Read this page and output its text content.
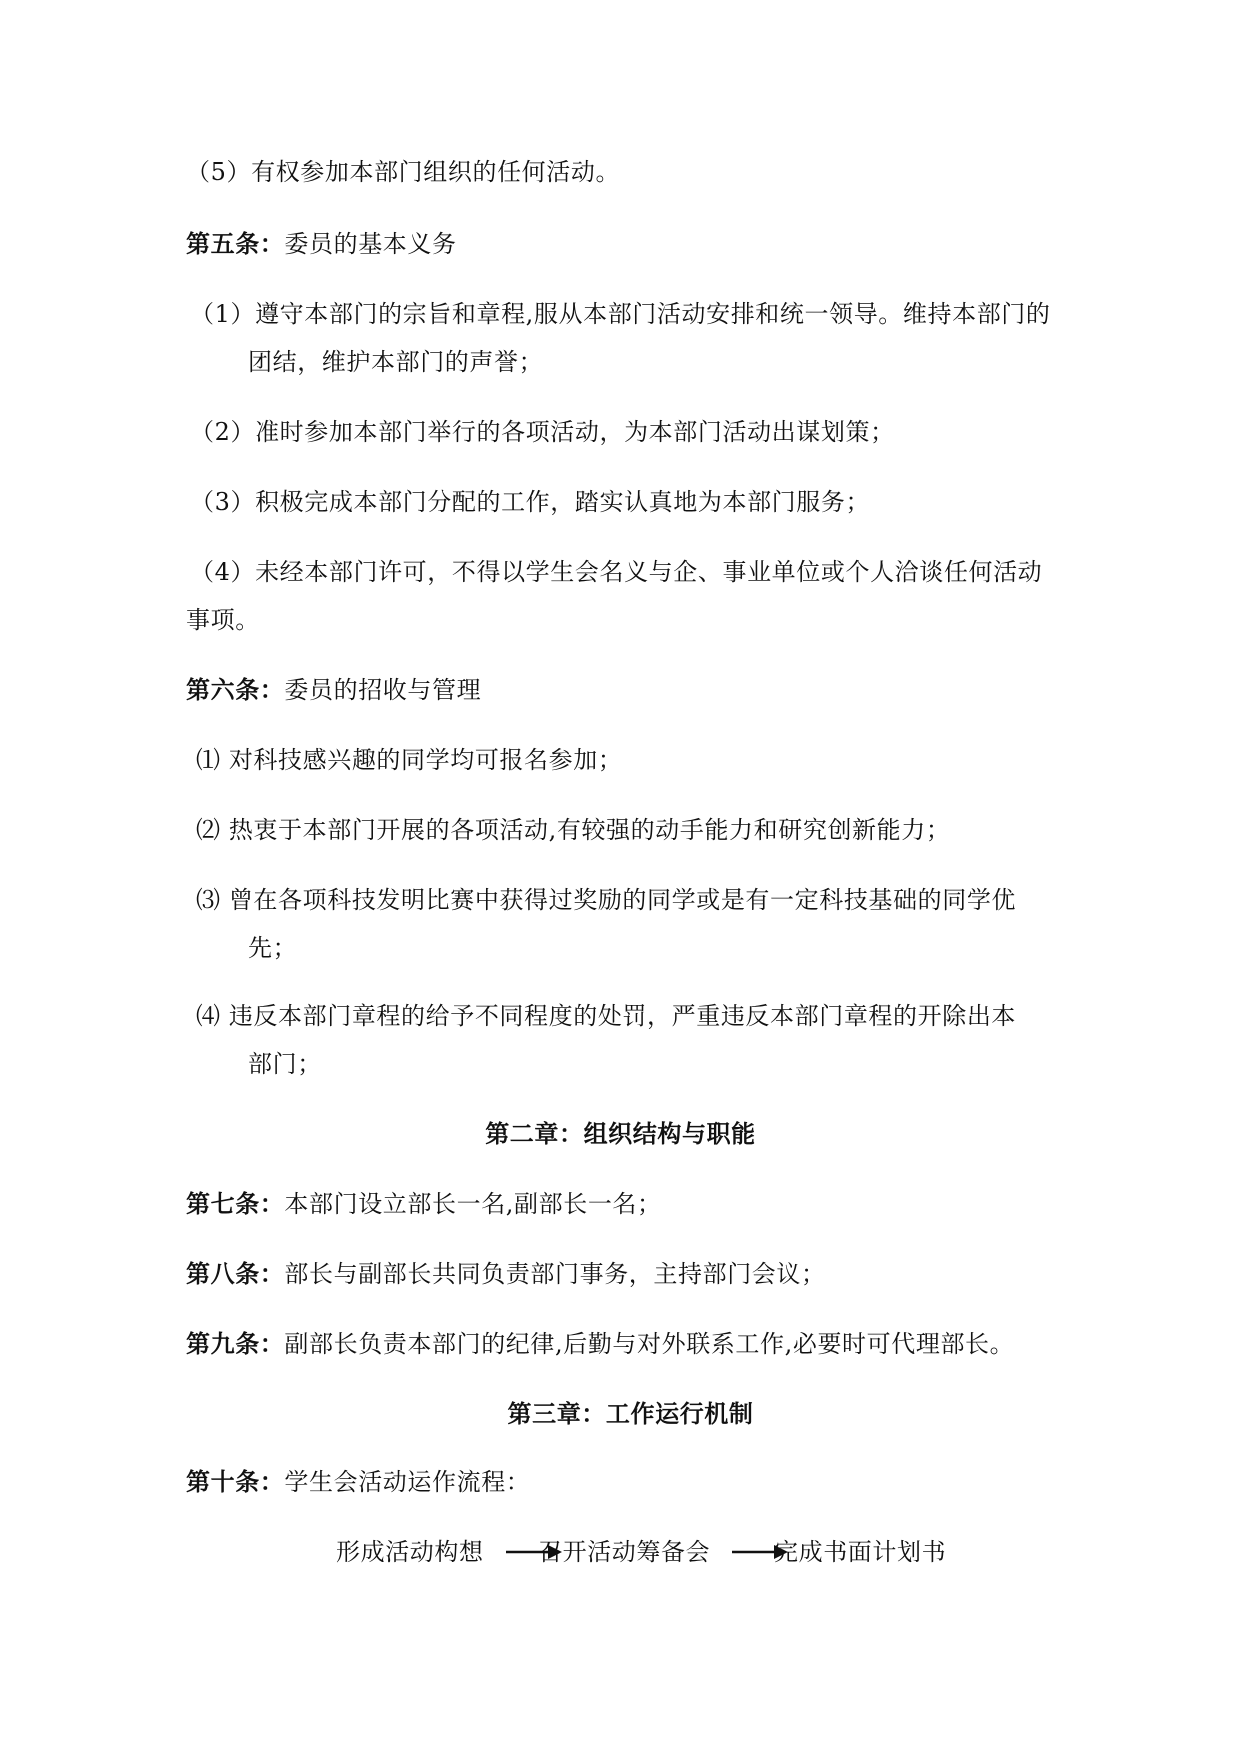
（5）有权参加本部门组织的任何活动。
第五条：委员的基本义务
（1）遵守本部门的宗旨和章程,服从本部门活动安排和统一领导。维持本部门的
团结，维护本部门的声誉；
（2）准时参加本部门举行的各项活动，为本部门活动出谋划策；
（3）积极完成本部门分配的工作，踏实认真地为本部门服务；
（4）未经本部门许可，不得以学生会名义与企、事业单位或个人洽谈任何活动
事项。
第六条：委员的招收与管理
⑴ 对科技感兴趣的同学均可报名参加；
⑵ 热衷于本部门开展的各项活动,有较强的动手能力和研究创新能力；
⑶ 曾在各项科技发明比赛中获得过奖励的同学或是有一定科技基础的同学优
先；
⑷ 违反本部门章程的给予不同程度的处罚，严重违反本部门章程的开除出本
部门；
第二章：组织结构与职能
第七条：本部门设立部长一名,副部长一名；
第八条：部长与副部长共同负责部门事务，主持部门会议；
第九条：副部长负责本部门的纪律,后勤与对外联系工作,必要时可代理部长。
第三章：工作运行机制
第十条：学生会活动运作流程：
形成活动构想 召开活动筹备会	完成书面计划书
